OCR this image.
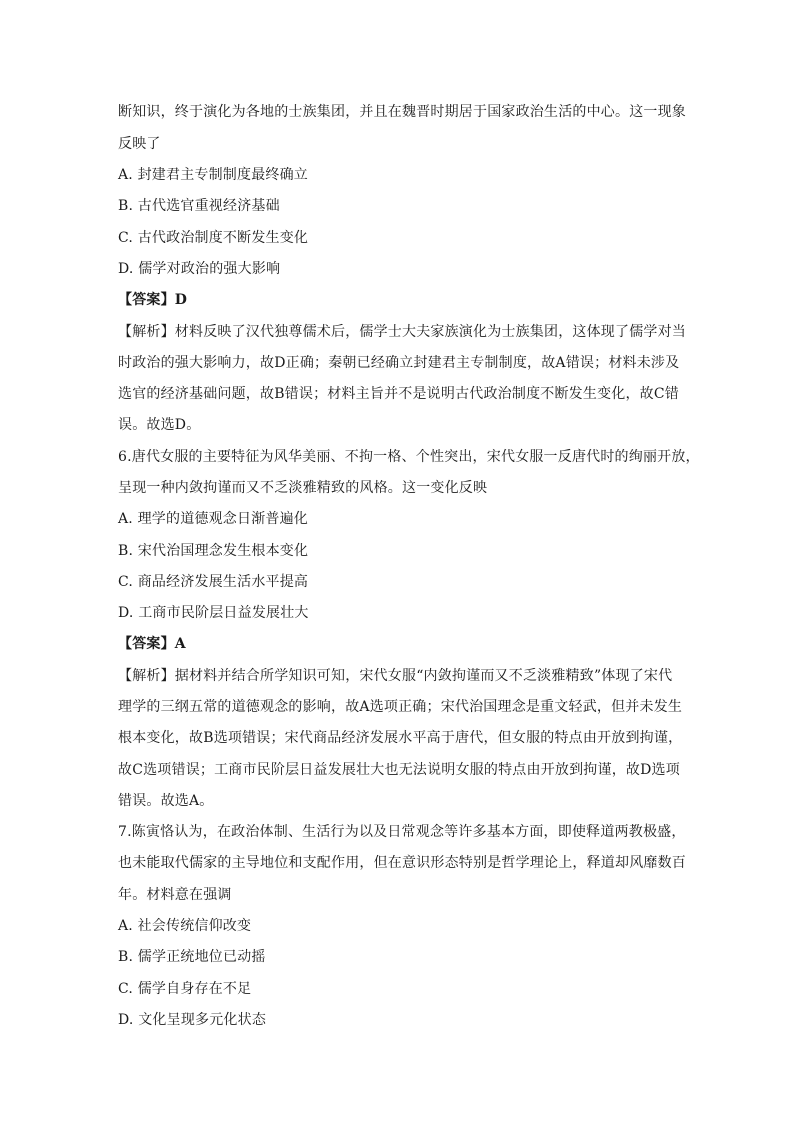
断知识，终于演化为各地的士族集团，并且在魏晋时期居于国家政治生活的中心。这一现象
反映了
A. 封建君主专制制度最终确立
B. 古代选官重视经济基础
C. 古代政治制度不断发生变化
D. 儒学对政治的强大影响
【答案】D
【解析】材料反映了汉代独尊儒术后，儒学士大夫家族演化为士族集团，这体现了儒学对当
时政治的强大影响力，故D正确；秦朝已经确立封建君主专制制度，故A错误；材料未涉及
选官的经济基础问题，故B错误；材料主旨并不是说明古代政治制度不断发生变化，故C错
误。故选D。
6.唐代女服的主要特征为风华美丽、不拘一格、个性突出，宋代女服一反唐代时的绚丽开放，
呈现一种内敛拘谨而又不乏淡雅精致的风格。这一变化反映
A. 理学的道德观念日渐普遍化
B. 宋代治国理念发生根本变化
C. 商品经济发展生活水平提高
D. 工商市民阶层日益发展壮大
【答案】A
【解析】据材料并结合所学知识可知，宋代女服“内敛拘谨而又不乏淡雅精致”体现了宋代
理学的三纲五常的道德观念的影响，故A选项正确；宋代治国理念是重文轻武，但并未发生
根本变化，故B选项错误；宋代商品经济发展水平高于唐代，但女服的特点由开放到拘谨，
故C选项错误；工商市民阶层日益发展壮大也无法说明女服的特点由开放到拘谨，故D选项
错误。故选A。
7.陈寅恪认为，在政治体制、生活行为以及日常观念等许多基本方面，即使释道两教极盛，
也未能取代儒家的主导地位和支配作用，但在意识形态特别是哲学理论上，释道却风靡数百
年。材料意在强调
A. 社会传统信仰改变
B. 儒学正统地位已动摇
C. 儒学自身存在不足
D. 文化呈现多元化状态
